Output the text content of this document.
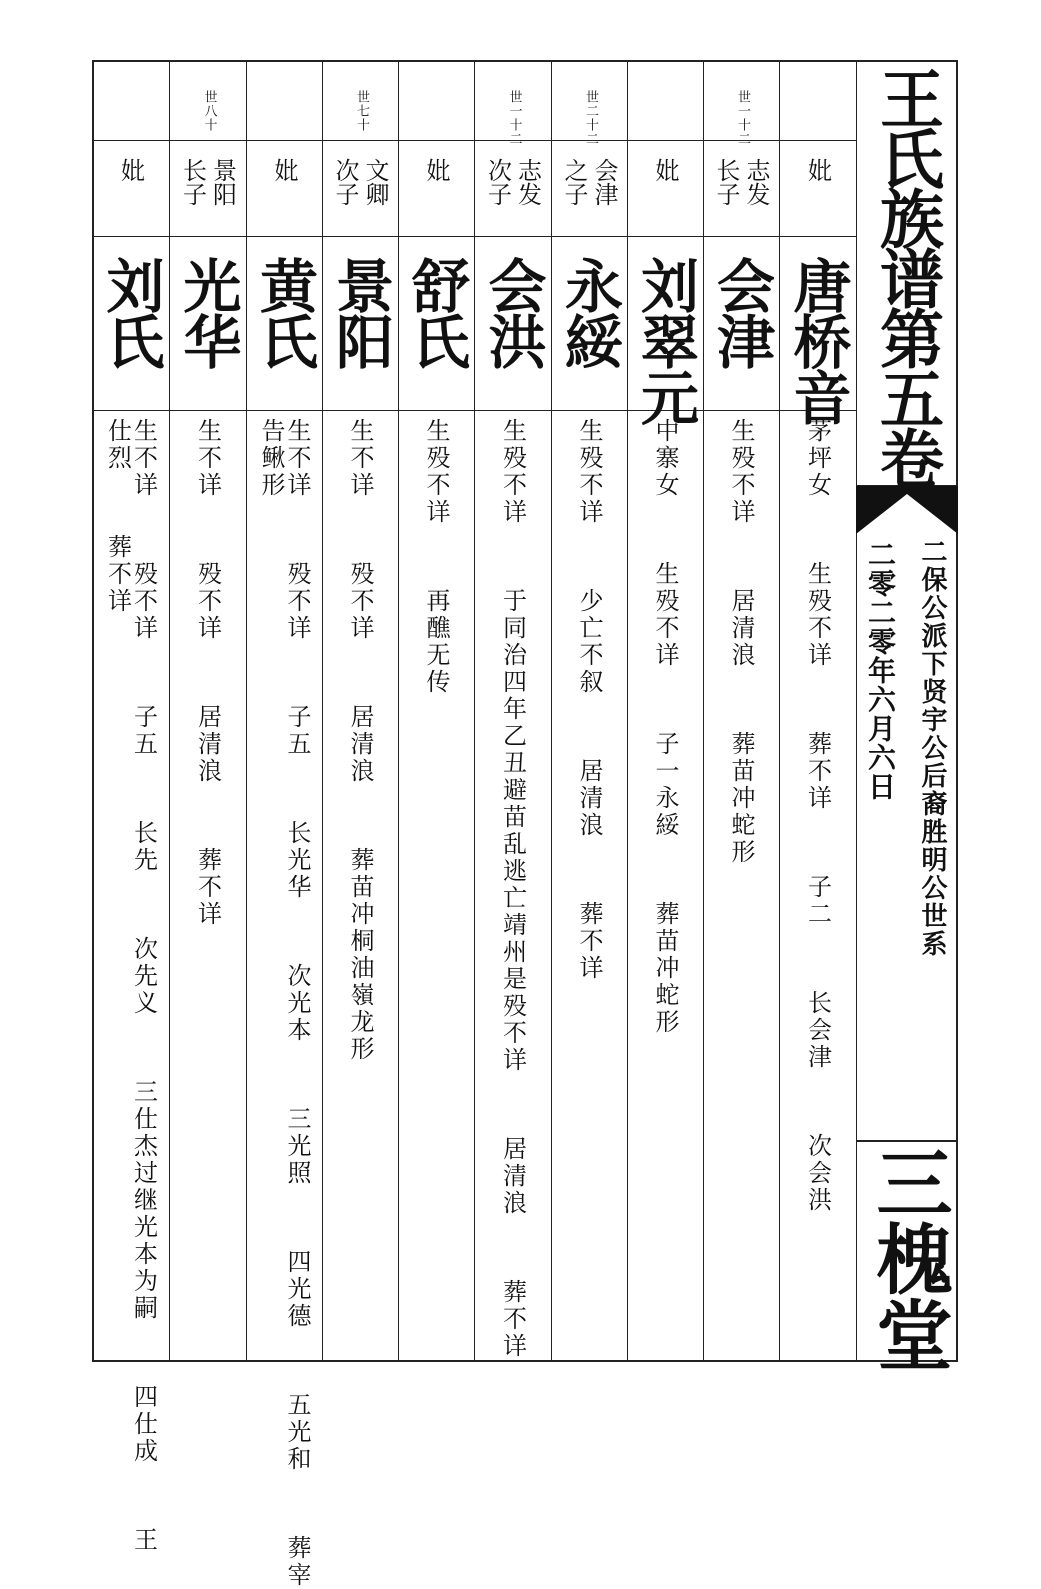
妣
唐桥音
茅坪女  生殁不详  葬不详  子二  长会津  次会洪
世一十二
志发
长子
会津
生殁不详  居清浪  葬苗冲蛇形
妣
刘翠元
中寨女  生殁不详  子一永綏  葬苗冲蛇形
世二十二
会津
之子
永綏
生殁不详  少亡不叙  居清浪  葬不详
世一十二
志发
次子
会洪
生殁不详  于同治四年乙丑避苗乱逃亡靖州是殁不详  居清浪  葬不详
妣
舒氏
生殁不详  再醮无传
世七十
文卿
次子
景阳
生不详  殁不详  居清浪  葬苗冲桐油嶺龙形
妣
黄氏
生不详  殁不详  子五  长光华  次光本  三光照  四光德  五光和  葬宰
告鳅形
世八十
景阳
长子
光华
生不详  殁不详  居清浪  葬不详
妣
刘氏
生不详  殁不详  子五  长先  次先义  三仕杰过继光本为嗣  四仕成  王
仕烈  葬不详
王氏族谱第五卷
二保公派下贤宇公后裔胜明公世系
二零二零年六月六日
三槐堂
